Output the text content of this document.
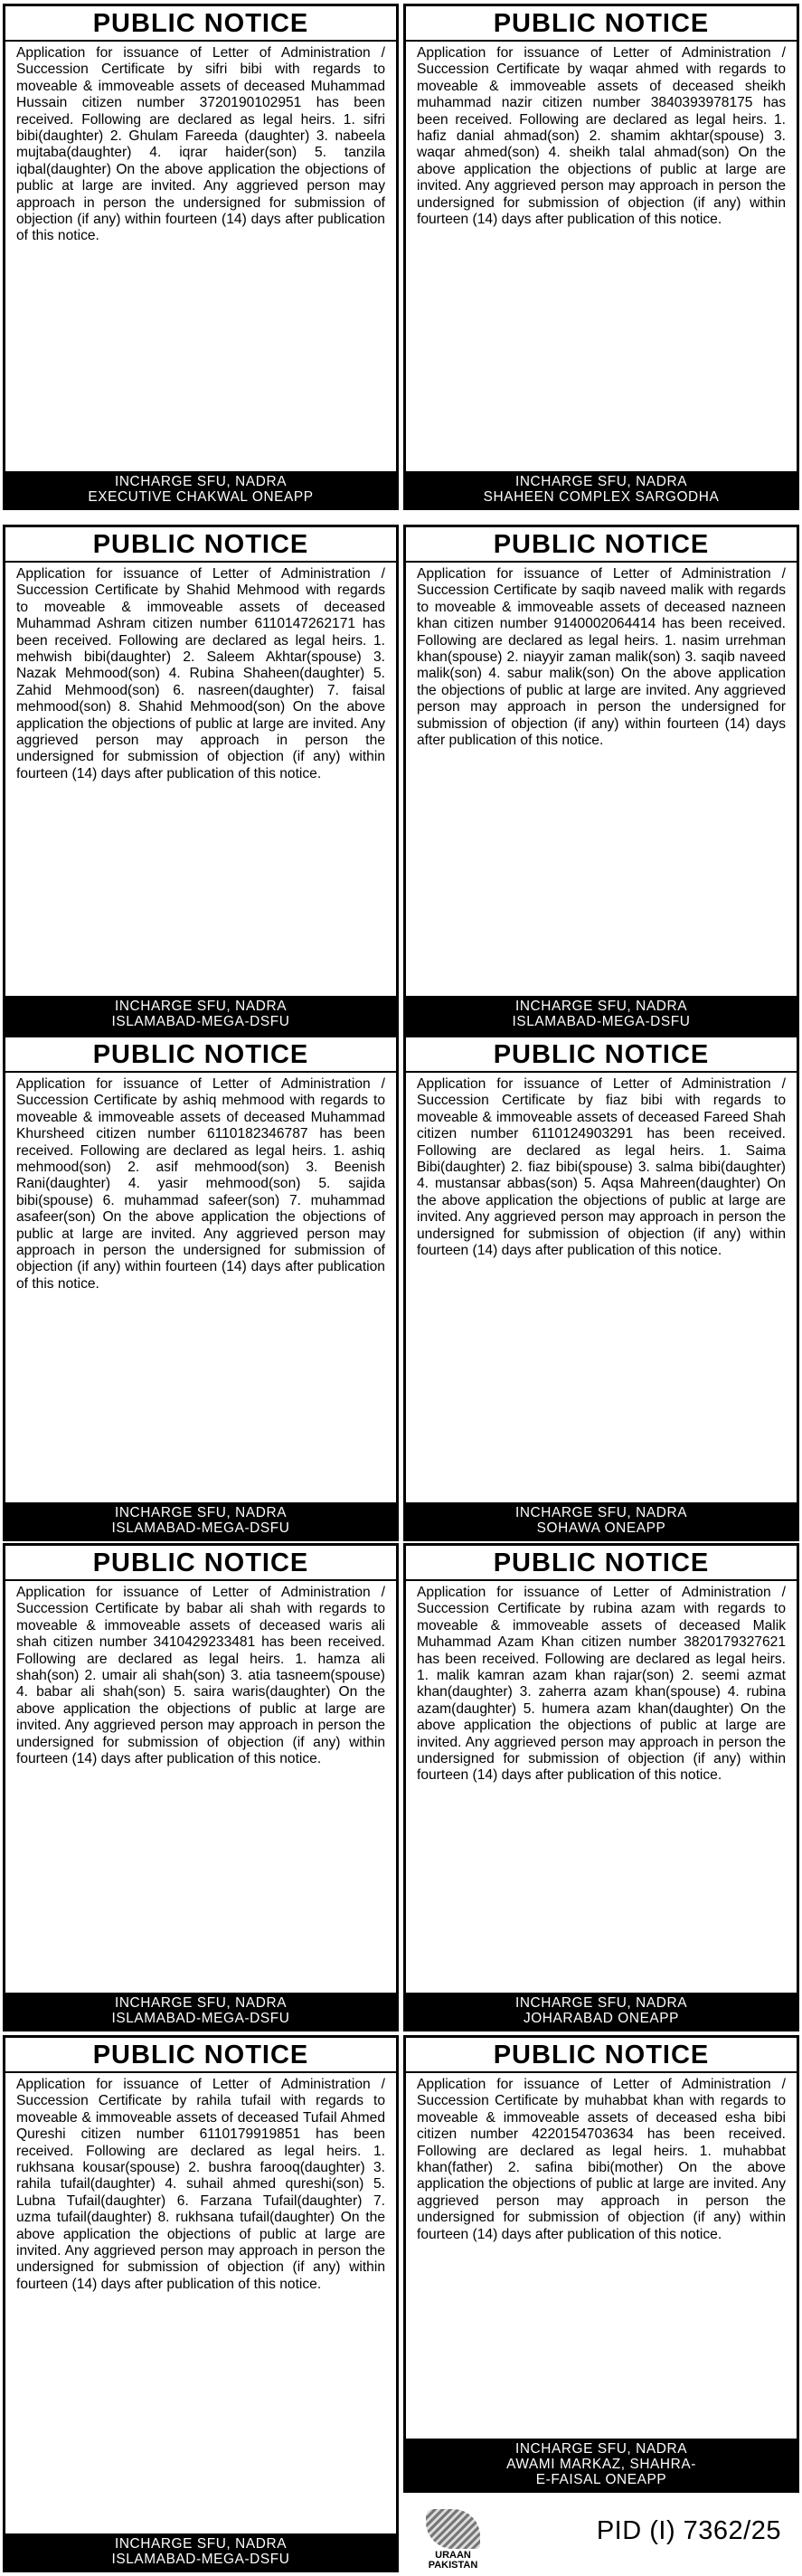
PUBLIC NOTICE
Application for issuance of Letter of Administration / Succession Certificate by sifri bibi with regards to moveable & immoveable assets of deceased Muhammad Hussain citizen number 3720190102951 has been received. Following are declared as legal heirs. 1. sifri bibi(daughter) 2. Ghulam Fareeda (daughter) 3. nabeela mujtaba(daughter) 4. iqrar haider(son) 5. tanzila iqbal(daughter) On the above application the objections of public at large are invited. Any aggrieved person may approach in person the undersigned for submission of objection (if any) within fourteen (14) days after publication of this notice.
INCHARGE SFU, NADRA
EXECUTIVE CHAKWAL ONEAPP
PUBLIC NOTICE
Application for issuance of Letter of Administration / Succession Certificate by waqar ahmed with regards to moveable & immoveable assets of deceased sheikh muhammad nazir citizen number 3840393978175 has been received. Following are declared as legal heirs. 1. hafiz danial ahmad(son) 2. shamim akhtar(spouse) 3. waqar ahmed(son) 4. sheikh talal ahmad(son) On the above application the objections of public at large are invited. Any aggrieved person may approach in person the undersigned for submission of objection (if any) within fourteen (14) days after publication of this notice.
INCHARGE SFU, NADRA
SHAHEEN COMPLEX SARGODHA
PUBLIC NOTICE
Application for issuance of Letter of Administration / Succession Certificate by Shahid Mehmood with regards to moveable & immoveable assets of deceased Muhammad Ashram citizen number 6110147262171 has been received. Following are declared as legal heirs. 1. mehwish bibi(daughter) 2. Saleem Akhtar(spouse) 3. Nazak Mehmood(son) 4. Rubina Shaheen(daughter) 5. Zahid Mehmood(son) 6. nasreen(daughter) 7. faisal mehmood(son) 8. Shahid Mehmood(son) On the above application the objections of public at large are invited. Any aggrieved person may approach in person the undersigned for submission of objection (if any) within fourteen (14) days after publication of this notice.
INCHARGE SFU, NADRA
ISLAMABAD-MEGA-DSFU
PUBLIC NOTICE
Application for issuance of Letter of Administration / Succession Certificate by saqib naveed malik with regards to moveable & immoveable assets of deceased nazneen khan citizen number 9140002064414 has been received. Following are declared as legal heirs. 1. nasim urrehman khan(spouse) 2. niayyir zaman malik(son) 3. saqib naveed malik(son) 4. sabur malik(son) On the above application the objections of public at large are invited. Any aggrieved person may approach in person the undersigned for submission of objection (if any) within fourteen (14) days after publication of this notice.
INCHARGE SFU, NADRA
ISLAMABAD-MEGA-DSFU
PUBLIC NOTICE
Application for issuance of Letter of Administration / Succession Certificate by ashiq mehmood with regards to moveable & immoveable assets of deceased Muhammad Khursheed citizen number 6110182346787 has been received. Following are declared as legal heirs. 1. ashiq mehmood(son) 2. asif mehmood(son) 3. Beenish Rani(daughter) 4. yasir mehmood(son) 5. sajida bibi(spouse) 6. muhammad safeer(son) 7. muhammad asafeer(son) On the above application the objections of public at large are invited. Any aggrieved person may approach in person the undersigned for submission of objection (if any) within fourteen (14) days after publication of this notice.
INCHARGE SFU, NADRA
ISLAMABAD-MEGA-DSFU
PUBLIC NOTICE
Application for issuance of Letter of Administration / Succession Certificate by fiaz bibi with regards to moveable & immoveable assets of deceased Fareed Shah citizen number 6110124903291 has been received. Following are declared as legal heirs. 1. Saima Bibi(daughter) 2. fiaz bibi(spouse) 3. salma bibi(daughter) 4. mustansar abbas(son) 5. Aqsa Mahreen(daughter) On the above application the objections of public at large are invited. Any aggrieved person may approach in person the undersigned for submission of objection (if any) within fourteen (14) days after publication of this notice.
INCHARGE SFU, NADRA
SOHAWA ONEAPP
PUBLIC NOTICE
Application for issuance of Letter of Administration / Succession Certificate by babar ali shah with regards to moveable & immoveable assets of deceased waris ali shah citizen number 3410429233481 has been received. Following are declared as legal heirs. 1. hamza ali shah(son) 2. umair ali shah(son) 3. atia tasneem(spouse) 4. babar ali shah(son) 5. saira waris(daughter) On the above application the objections of public at large are invited. Any aggrieved person may approach in person the undersigned for submission of objection (if any) within fourteen (14) days after publication of this notice.
INCHARGE SFU, NADRA
ISLAMABAD-MEGA-DSFU
PUBLIC NOTICE
Application for issuance of Letter of Administration / Succession Certificate by rubina azam with regards to moveable & immoveable assets of deceased Malik Muhammad Azam Khan citizen number 3820179327621 has been received. Following are declared as legal heirs. 1. malik kamran azam khan rajar(son) 2. seemi azmat khan(daughter) 3. zaherra azam khan(spouse) 4. rubina azam(daughter) 5. humera azam khan(daughter) On the above application the objections of public at large are invited. Any aggrieved person may approach in person the undersigned for submission of objection (if any) within fourteen (14) days after publication of this notice.
INCHARGE SFU, NADRA
JOHARABAD ONEAPP
PUBLIC NOTICE
Application for issuance of Letter of Administration / Succession Certificate by rahila tufail with regards to moveable & immoveable assets of deceased Tufail Ahmed Qureshi citizen number 6110179919851 has been received. Following are declared as legal heirs. 1. rukhsana kousar(spouse) 2. bushra farooq(daughter) 3. rahila tufail(daughter) 4. suhail ahmed qureshi(son) 5. Lubna Tufail(daughter) 6. Farzana Tufail(daughter) 7. uzma tufail(daughter) 8. rukhsana tufail(daughter) On the above application the objections of public at large are invited. Any aggrieved person may approach in person the undersigned for submission of objection (if any) within fourteen (14) days after publication of this notice.
INCHARGE SFU, NADRA
ISLAMABAD-MEGA-DSFU
PUBLIC NOTICE
Application for issuance of Letter of Administration / Succession Certificate by muhabbat khan with regards to moveable & immoveable assets of deceased esha bibi citizen number 4220154703634 has been received. Following are declared as legal heirs. 1. muhabbat khan(father) 2. safina bibi(mother) On the above application the objections of public at large are invited. Any aggrieved person may approach in person the undersigned for submission of objection (if any) within fourteen (14) days after publication of this notice.
INCHARGE SFU, NADRA
AWAMI MARKAZ, SHAHRA-
E-FAISAL ONEAPP
URAAN
PAKISTAN
PID (I) 7362/25
